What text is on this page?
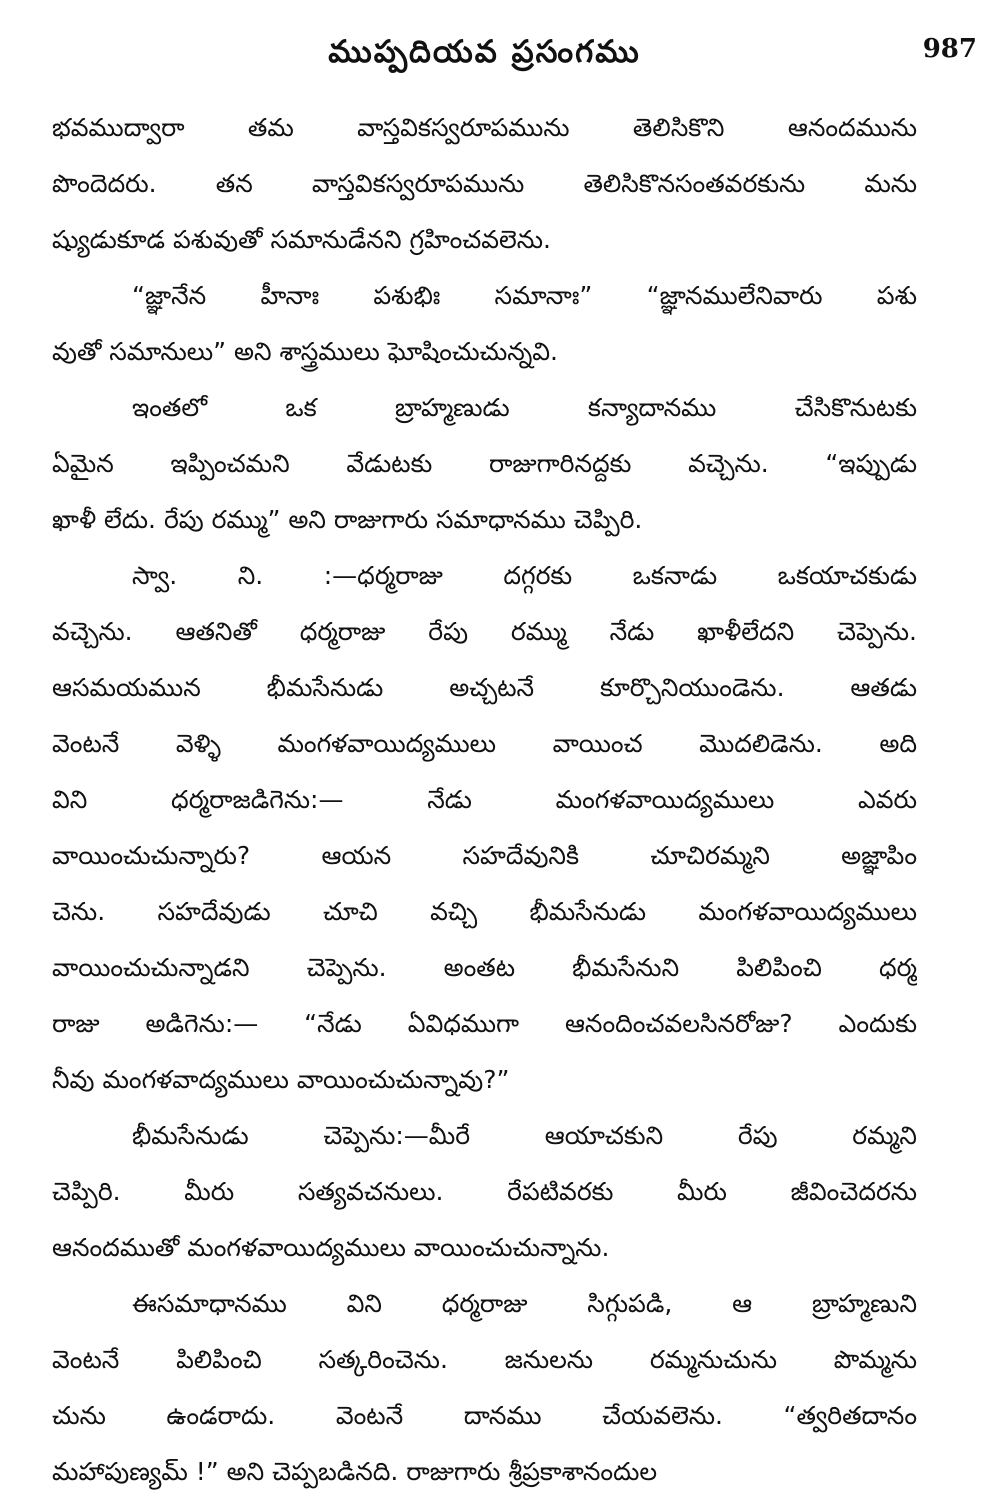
ముప్పదియవ ప్రసంగము	987
భవముద్వారా తమ వాస్తవికస్వరూపమును తెలిసికొని ఆనందమును
పొందెదరు. తన వాస్తవికస్వరూపమును తెలిసికొనసంతవరకును మను
ష్యుడుకూడ పశువుతో సమానుడేనని గ్రహించవలెను.
“జ్ఞానేన హీనాః పశుభిః సమానాః” “జ్ఞానములేనివారు పశు
వుతో సమానులు” అని శాస్త్రములు ఘోషించుచున్నవి.
ఇంతలో ఒక బ్రాహ్మణుడు కన్యాదానము చేసికొనుటకు
ఏమైన ఇప్పించమని వేడుటకు రాజుగారినద్దకు వచ్చెను. “ఇప్పుడు
ఖాళీ లేదు. రేపు రమ్ము” అని రాజుగారు సమాధానము చెప్పిరి.
స్వా. ని. :—ధర్మరాజు దగ్గరకు ఒకనాడు ఒకయాచకుడు
వచ్చెను. ఆతనితో ధర్మరాజు రేపు రమ్ము నేడు ఖాళీలేదని చెప్పెను.
ఆసమయమున భీమసేనుడు అచ్చటనే కూర్చొనియుండెను. ఆతడు
వెంటనే వెళ్ళి మంగళవాయిద్యములు వాయించ మొదలిడెను. అది
విని ధర్మరాజడిగెను:— నేడు మంగళవాయిద్యములు ఎవరు
వాయించుచున్నారు? ఆయన సహదేవునికి చూచిరమ్మని అజ్ఞాపిం
చెను. సహదేవుడు చూచి వచ్చి భీమసేనుడు మంగళవాయిద్యములు
వాయించుచున్నాడని చెప్పెను. అంతట భీమసేనుని పిలిపించి ధర్మ
రాజు అడిగెను:— “నేడు ఏవిధముగా ఆనందించవలసినరోజు? ఎందుకు
నీవు మంగళవాద్యములు వాయించుచున్నావు?”
భీమసేనుడు చెప్పెను:—మీరే ఆయాచకుని రేపు రమ్మని
చెప్పిరి. మీరు సత్యవచనులు. రేపటివరకు మీరు జీవించెదరను
ఆనందముతో మంగళవాయిద్యములు వాయించుచున్నాను.
ఈసమాధానము విని ధర్మరాజు సిగ్గుపడి, ఆ బ్రాహ్మణుని
వెంటనే పిలిపించి సత్కరించెను. జనులను రమ్మనుచును పొమ్మను
చును ఉండరాదు. వెంటనే దానము చేయవలెను. “త్వరితదానం
మహాపుణ్యమ్ !” అని చెప్పబడినది. రాజుగారు శ్రీప్రకాశానందుల
